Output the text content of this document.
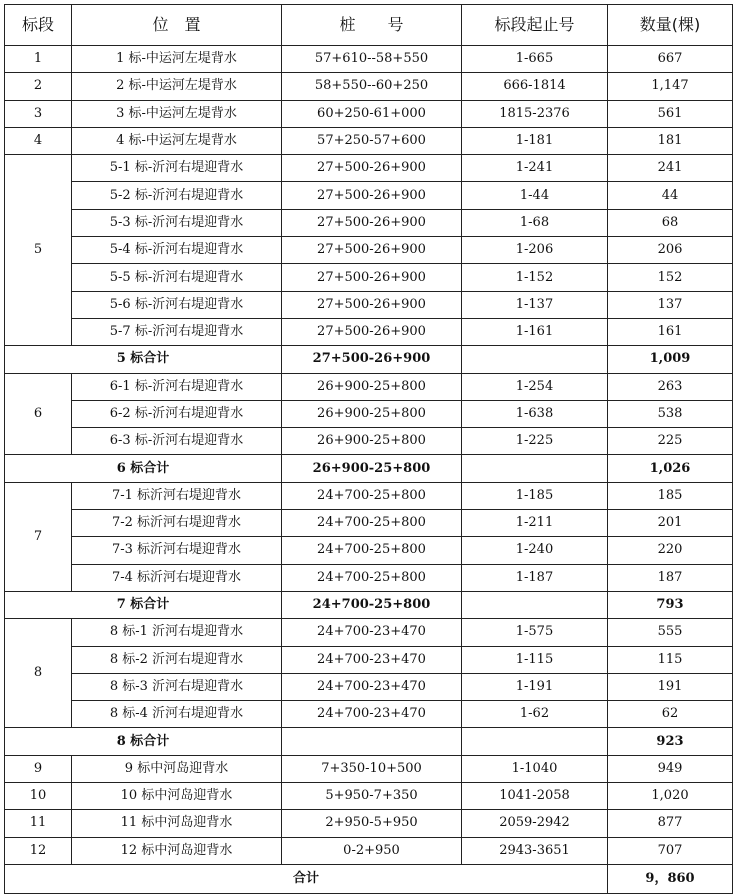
标段	位　置	桩　　号	标段起止号	数量(棵)
1	1 标-中运河左堤背水	57+610--58+550	1-665	667
2	2 标-中运河左堤背水	58+550--60+250	666-1814	1,147
3	3 标-中运河左堤背水	60+250-61+000	1815-2376	561
4	4 标-中运河左堤背水	57+250-57+600	1-181	181
5	5-1 标-沂河右堤迎背水	27+500-26+900	1-241	241
	5-2 标-沂河右堤迎背水	27+500-26+900	1-44	44
	5-3 标-沂河右堤迎背水	27+500-26+900	1-68	68
	5-4 标-沂河右堤迎背水	27+500-26+900	1-206	206
	5-5 标-沂河右堤迎背水	27+500-26+900	1-152	152
	5-6 标-沂河右堤迎背水	27+500-26+900	1-137	137
	5-7 标-沂河右堤迎背水	27+500-26+900	1-161	161
5 标合计		27+500-26+900		1,009
6	6-1 标-沂河右堤迎背水	26+900-25+800	1-254	263
	6-2 标-沂河右堤迎背水	26+900-25+800	1-638	538
	6-3 标-沂河右堤迎背水	26+900-25+800	1-225	225
6 标合计		26+900-25+800		1,026
7	7-1 标沂河右堤迎背水	24+700-25+800	1-185	185
	7-2 标沂河右堤迎背水	24+700-25+800	1-211	201
	7-3 标沂河右堤迎背水	24+700-25+800	1-240	220
	7-4 标沂河右堤迎背水	24+700-25+800	1-187	187
7 标合计		24+700-25+800		793
8	8 标-1 沂河右堤迎背水	24+700-23+470	1-575	555
	8 标-2 沂河右堤迎背水	24+700-23+470	1-115	115
	8 标-3 沂河右堤迎背水	24+700-23+470	1-191	191
	8 标-4 沂河右堤迎背水	24+700-23+470	1-62	62
8 标合计				923
9	9 标中河岛迎背水	7+350-10+500	1-1040	949
10	10 标中河岛迎背水	5+950-7+350	1041-2058	1,020
11	11 标中河岛迎背水	2+950-5+950	2059-2942	877
12	12 标中河岛迎背水	0-2+950	2943-3651	707
合计				9，860
